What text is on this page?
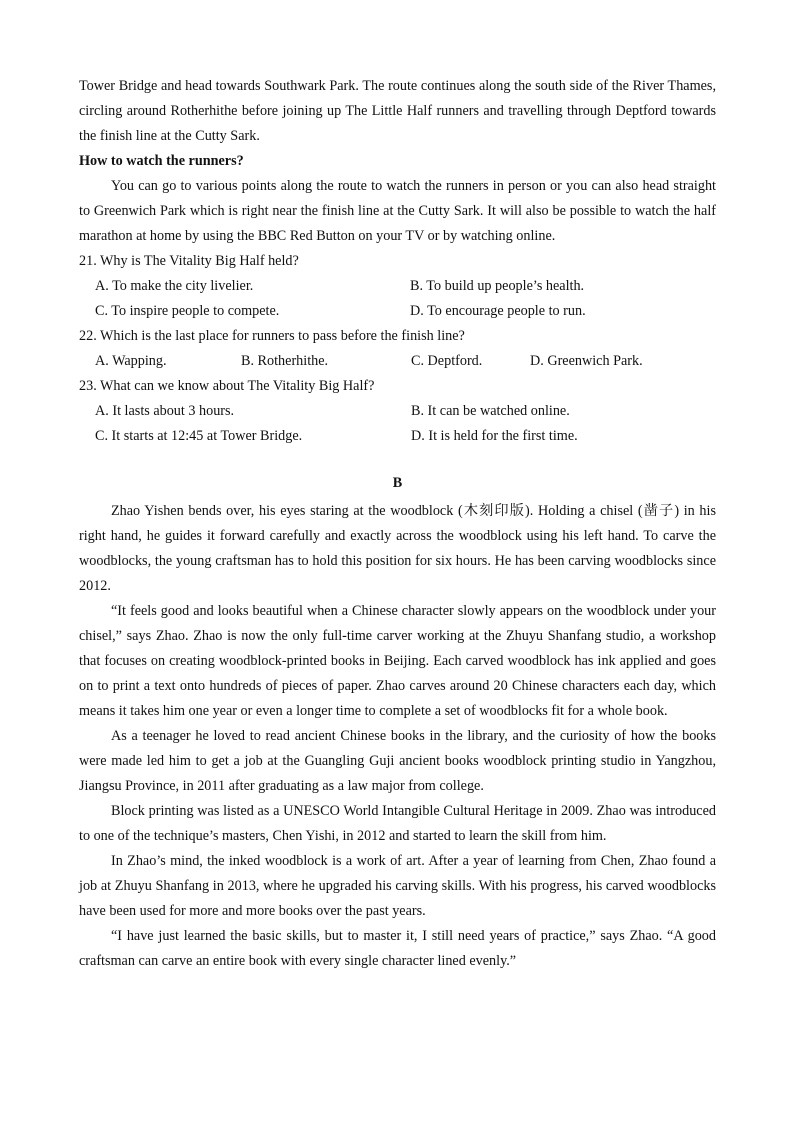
Tower Bridge and head towards Southwark Park. The route continues along the south side of the River Thames, circling around Rotherhithe before joining up The Little Half runners and travelling through Deptford towards the finish line at the Cutty Sark.

How to watch the runners?

You can go to various points along the route to watch the runners in person or you can also head straight to Greenwich Park which is right near the finish line at the Cutty Sark. It will also be possible to watch the half marathon at home by using the BBC Red Button on your TV or by watching online.

21. Why is The Vitality Big Half held?

A. To make the city livelier.	B. To build up people’s health.
C. To inspire people to compete.	D. To encourage people to run.

22. Which is the last place for runners to pass before the finish line?

A. Wapping.	B. Rotherhithe.	C. Deptford.	D. Greenwich Park.

23. What can we know about The Vitality Big Half?

A. It lasts about 3 hours.	B. It can be watched online.
C. It starts at 12:45 at Tower Bridge.	D. It is held for the first time.

B

Zhao Yishen bends over, his eyes staring at the woodblock (木刻印版). Holding a chisel (凿子) in his right hand, he guides it forward carefully and exactly across the woodblock using his left hand. To carve the woodblocks, the young craftsman has to hold this position for six hours. He has been carving woodblocks since 2012.

“It feels good and looks beautiful when a Chinese character slowly appears on the woodblock under your chisel,” says Zhao. Zhao is now the only full-time carver working at the Zhuyu Shanfang studio, a workshop that focuses on creating woodblock-printed books in Beijing. Each carved woodblock has ink applied and goes on to print a text onto hundreds of pieces of paper. Zhao carves around 20 Chinese characters each day, which means it takes him one year or even a longer time to complete a set of woodblocks fit for a whole book.

As a teenager he loved to read ancient Chinese books in the library, and the curiosity of how the books were made led him to get a job at the Guangling Guji ancient books woodblock printing studio in Yangzhou, Jiangsu Province, in 2011 after graduating as a law major from college.

Block printing was listed as a UNESCO World Intangible Cultural Heritage in 2009. Zhao was introduced to one of the technique’s masters, Chen Yishi, in 2012 and started to learn the skill from him.

In Zhao’s mind, the inked woodblock is a work of art. After a year of learning from Chen, Zhao found a job at Zhuyu Shanfang in 2013, where he upgraded his carving skills. With his progress, his carved woodblocks have been used for more and more books over the past years.

“I have just learned the basic skills, but to master it, I still need years of practice,” says Zhao. “A good craftsman can carve an entire book with every single character lined evenly.”
